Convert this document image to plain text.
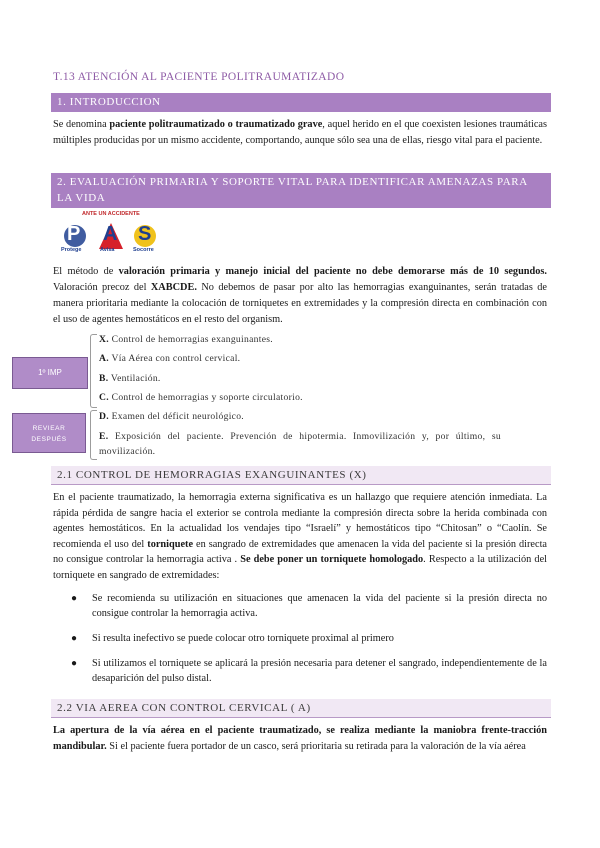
T.13 ATENCIÓN AL PACIENTE POLITRAUMATIZADO
1. INTRODUCCION
Se denomina paciente politraumatizado o traumatizado grave, aquel herido en el que coexisten lesiones traumáticas múltiples producidas por un mismo accidente, comportando, aunque sólo sea una de ellas, riesgo vital para el paciente.
2. EVALUACIÓN PRIMARIA Y SOPORTE VITAL PARA IDENTIFICAR AMENAZAS PARA LA VIDA
ANTE UN ACCIDENTE
P A S
Protege	Avisa	Socorre
El método de valoración primaria y manejo inicial del paciente no debe demorarse más de 10 segundos. Valoración precoz del XABCDE. No debemos de pasar por alto las hemorragias exanguinantes, serán tratadas de manera prioritaria mediante la colocación de torniquetes en extremidades y la compresión directa en combinación con el uso de agentes hemostáticos en el resto del organism.
X. Control de hemorragias exanguinantes.
A. Vía Aérea con control cervical.
B. Ventilación.
C. Control de hemorragias y soporte circulatorio.
D. Examen del déficit neurológico.
E. Exposición del paciente. Prevención de hipotermia. Inmovilización y, por último, su movilización.
1º IMP
REVIEAR
DESPUÉS
2.1 CONTROL DE HEMORRAGIAS EXANGUINANTES (X)
En el paciente traumatizado, la hemorragia externa significativa es un hallazgo que requiere atención inmediata. La rápida pérdida de sangre hacia el exterior se controla mediante la compresión directa sobre la herida combinada con agentes hemostáticos. En la actualidad los vendajes tipo “Israelí” y hemostáticos tipo “Chitosan” o “Caolín. Se recomienda el uso del torniquete en sangrado de extremidades que amenacen la vida del paciente si la presión directa no consigue controlar la hemorragia activa . Se debe poner un torniquete homologado. Respecto a la utilización del torniquete en sangrado de extremidades:
● Se recomienda su utilización en situaciones que amenacen la vida del paciente si la presión directa no consigue controlar la hemorragia activa.
● Si resulta inefectivo se puede colocar otro torniquete proximal al primero
● Si utilizamos el torniquete se aplicará la presión necesaria para detener el sangrado, independientemente de la desaparición del pulso distal.
2.2 VIA AEREA CON CONTROL CERVICAL ( A)
La apertura de la vía aérea en el paciente traumatizado, se realiza mediante la maniobra frente-tracción mandibular. Si el paciente fuera portador de un casco, será prioritaria su retirada para la valoración de la vía aérea
